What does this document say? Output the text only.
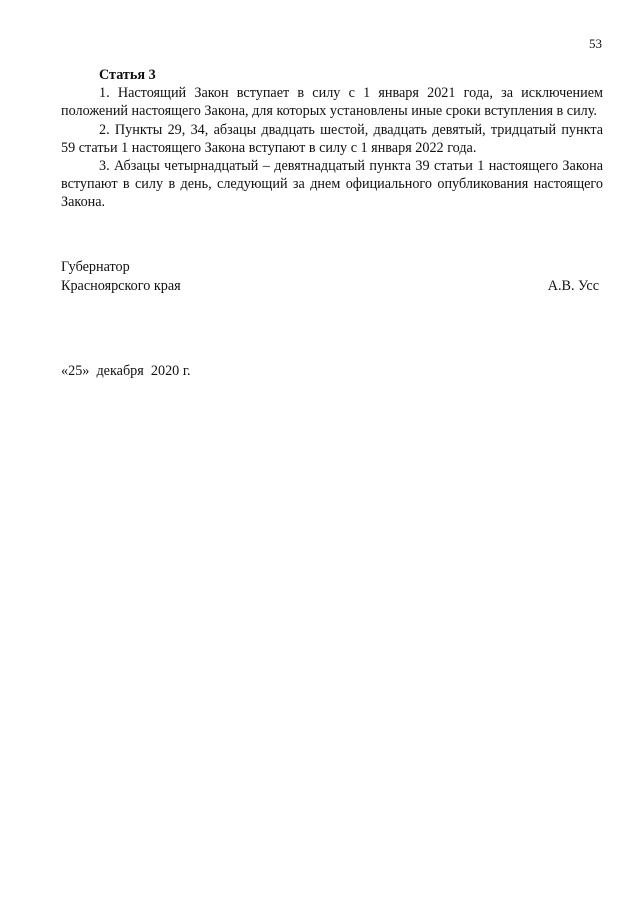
53

Статья 3

1. Настоящий Закон вступает в силу с 1 января 2021 года, за исключением положений настоящего Закона, для которых установлены иные сроки вступления в силу.

2. Пункты 29, 34, абзацы двадцать шестой, двадцать девятый, тридцатый пункта 59 статьи 1 настоящего Закона вступают в силу с 1 января 2022 года.

3. Абзацы четырнадцатый – девятнадцатый пункта 39 статьи 1 настоящего Закона вступают в силу в день, следующий за днем официального опубликования настоящего Закона.

Губернатор
Красноярского края	А.В. Усс
«25»  декабря  2020 г.
